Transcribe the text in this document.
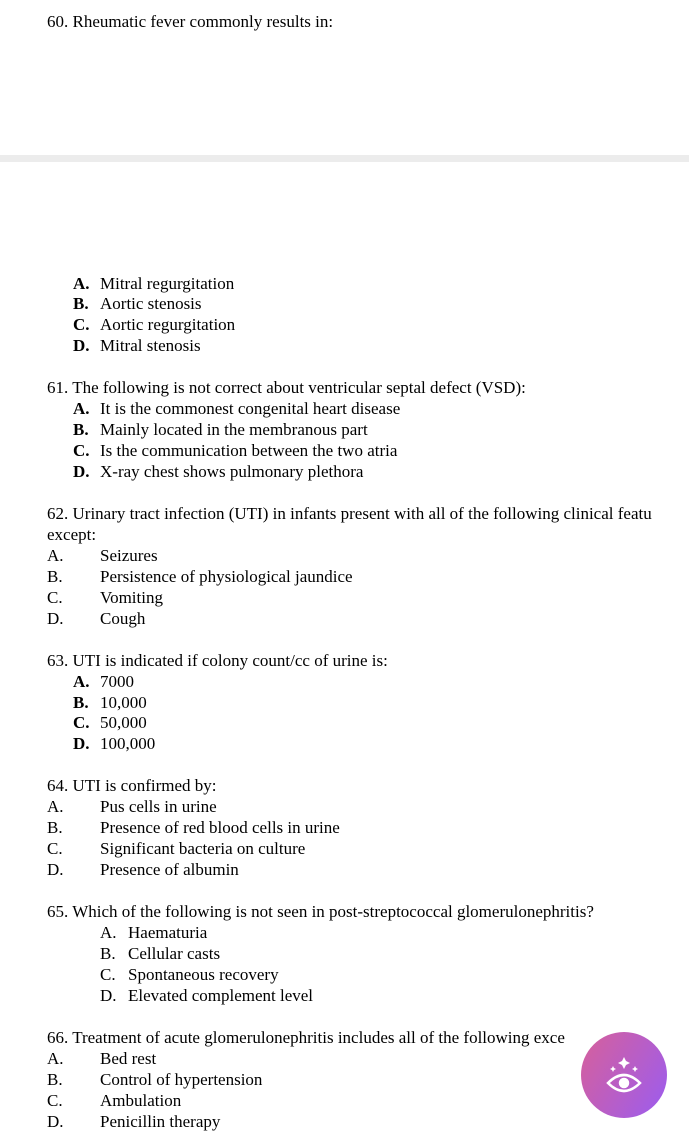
60. Rheumatic fever commonly results in:
A. Mitral regurgitation
B. Aortic stenosis
C. Aortic regurgitation
D. Mitral stenosis
61. The following is not correct about ventricular septal defect (VSD):
A. It is the commonest congenital heart disease
B. Mainly located in the membranous part
C. Is the communication between the two atria
D. X-ray chest shows pulmonary plethora
62. Urinary tract infection (UTI) in infants present with all of the following clinical featu
except:
A. Seizures
B. Persistence of physiological jaundice
C. Vomiting
D. Cough
63. UTI is indicated if colony count/cc of urine is:
A. 7000
B. 10,000
C. 50,000
D. 100,000
64. UTI is confirmed by:
A. Pus cells in urine
B. Presence of red blood cells in urine
C. Significant bacteria on culture
D. Presence of albumin
65. Which of the following is not seen in post-streptococcal glomerulonephritis?
A. Haematuria
B. Cellular casts
C. Spontaneous recovery
D. Elevated complement level
66. Treatment of acute glomerulonephritis includes all of the following exce
A. Bed rest
B. Control of hypertension
C. Ambulation
D. Penicillin therapy
